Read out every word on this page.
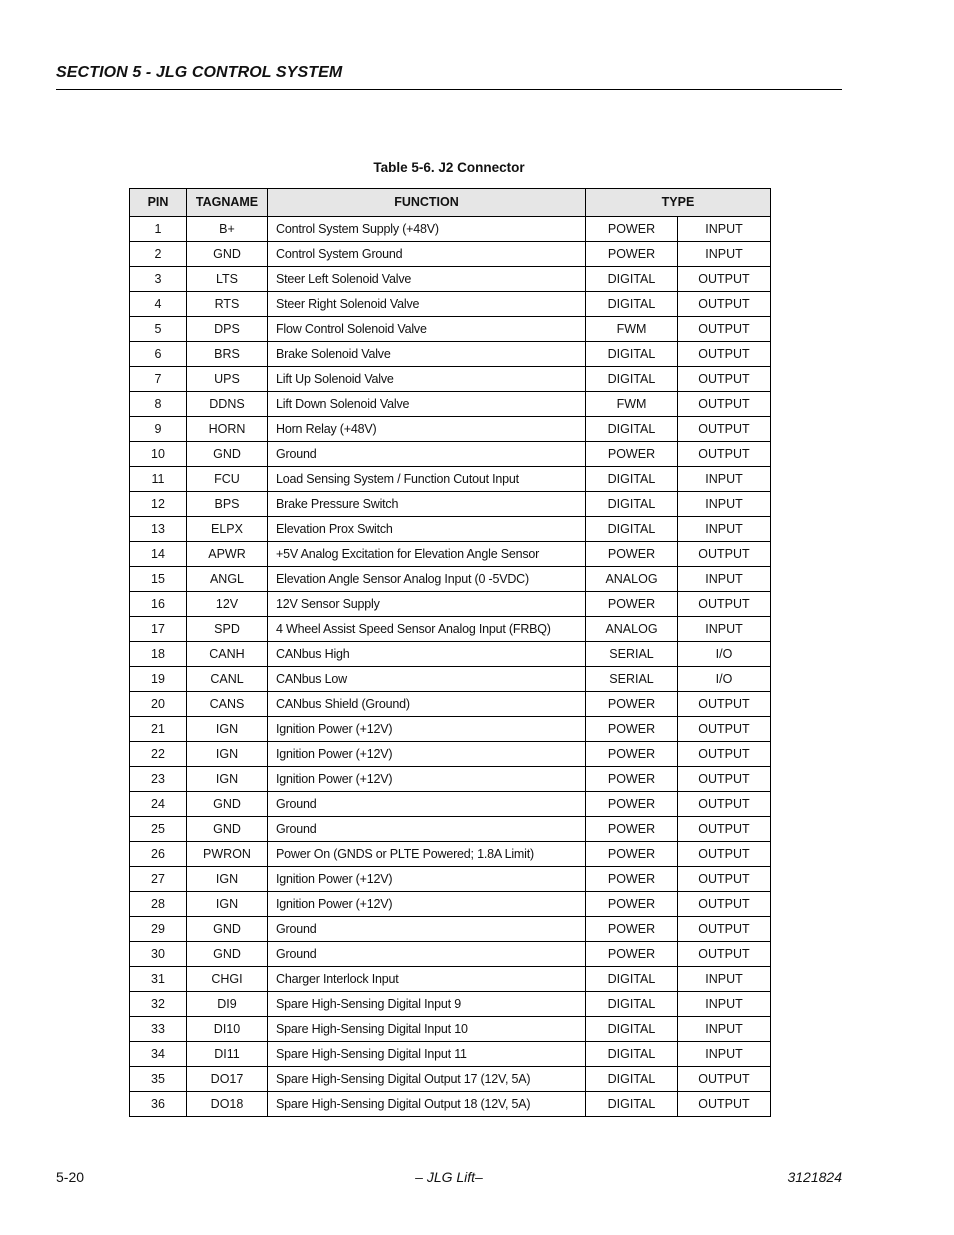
SECTION 5 - JLG CONTROL SYSTEM
Table 5-6. J2 Connector
PIN	TAGNAME	FUNCTION	TYPE	
1	B+	Control System Supply (+48V)	POWER	INPUT
2	GND	Control System Ground	POWER	INPUT
3	LTS	Steer Left Solenoid Valve	DIGITAL	OUTPUT
4	RTS	Steer Right Solenoid Valve	DIGITAL	OUTPUT
5	DPS	Flow Control Solenoid Valve	FWM	OUTPUT
6	BRS	Brake Solenoid Valve	DIGITAL	OUTPUT
7	UPS	Lift Up Solenoid Valve	DIGITAL	OUTPUT
8	DDNS	Lift Down Solenoid Valve	FWM	OUTPUT
9	HORN	Horn Relay (+48V)	DIGITAL	OUTPUT
10	GND	Ground	POWER	OUTPUT
11	FCU	Load Sensing System / Function Cutout Input	DIGITAL	INPUT
12	BPS	Brake Pressure Switch	DIGITAL	INPUT
13	ELPX	Elevation Prox Switch	DIGITAL	INPUT
14	APWR	+5V Analog Excitation for Elevation Angle Sensor	POWER	OUTPUT
15	ANGL	Elevation Angle Sensor Analog Input (0 -5VDC)	ANALOG	INPUT
16	12V	12V Sensor Supply	POWER	OUTPUT
17	SPD	4 Wheel Assist Speed Sensor Analog Input (FRBQ)	ANALOG	INPUT
18	CANH	CANbus High	SERIAL	I/O
19	CANL	CANbus Low	SERIAL	I/O
20	CANS	CANbus Shield (Ground)	POWER	OUTPUT
21	IGN	Ignition Power (+12V)	POWER	OUTPUT
22	IGN	Ignition Power (+12V)	POWER	OUTPUT
23	IGN	Ignition Power (+12V)	POWER	OUTPUT
24	GND	Ground	POWER	OUTPUT
25	GND	Ground	POWER	OUTPUT
26	PWRON	Power On (GNDS or PLTE Powered; 1.8A Limit)	POWER	OUTPUT
27	IGN	Ignition Power (+12V)	POWER	OUTPUT
28	IGN	Ignition Power (+12V)	POWER	OUTPUT
29	GND	Ground	POWER	OUTPUT
30	GND	Ground	POWER	OUTPUT
31	CHGI	Charger Interlock Input	DIGITAL	INPUT
32	DI9	Spare High-Sensing Digital Input 9	DIGITAL	INPUT
33	DI10	Spare High-Sensing Digital Input 10	DIGITAL	INPUT
34	DI11	Spare High-Sensing Digital Input 11	DIGITAL	INPUT
35	DO17	Spare High-Sensing Digital Output 17 (12V, 5A)	DIGITAL	OUTPUT
36	DO18	Spare High-Sensing Digital Output 18 (12V, 5A)	DIGITAL	OUTPUT
5-20	– JLG Lift–	3121824
